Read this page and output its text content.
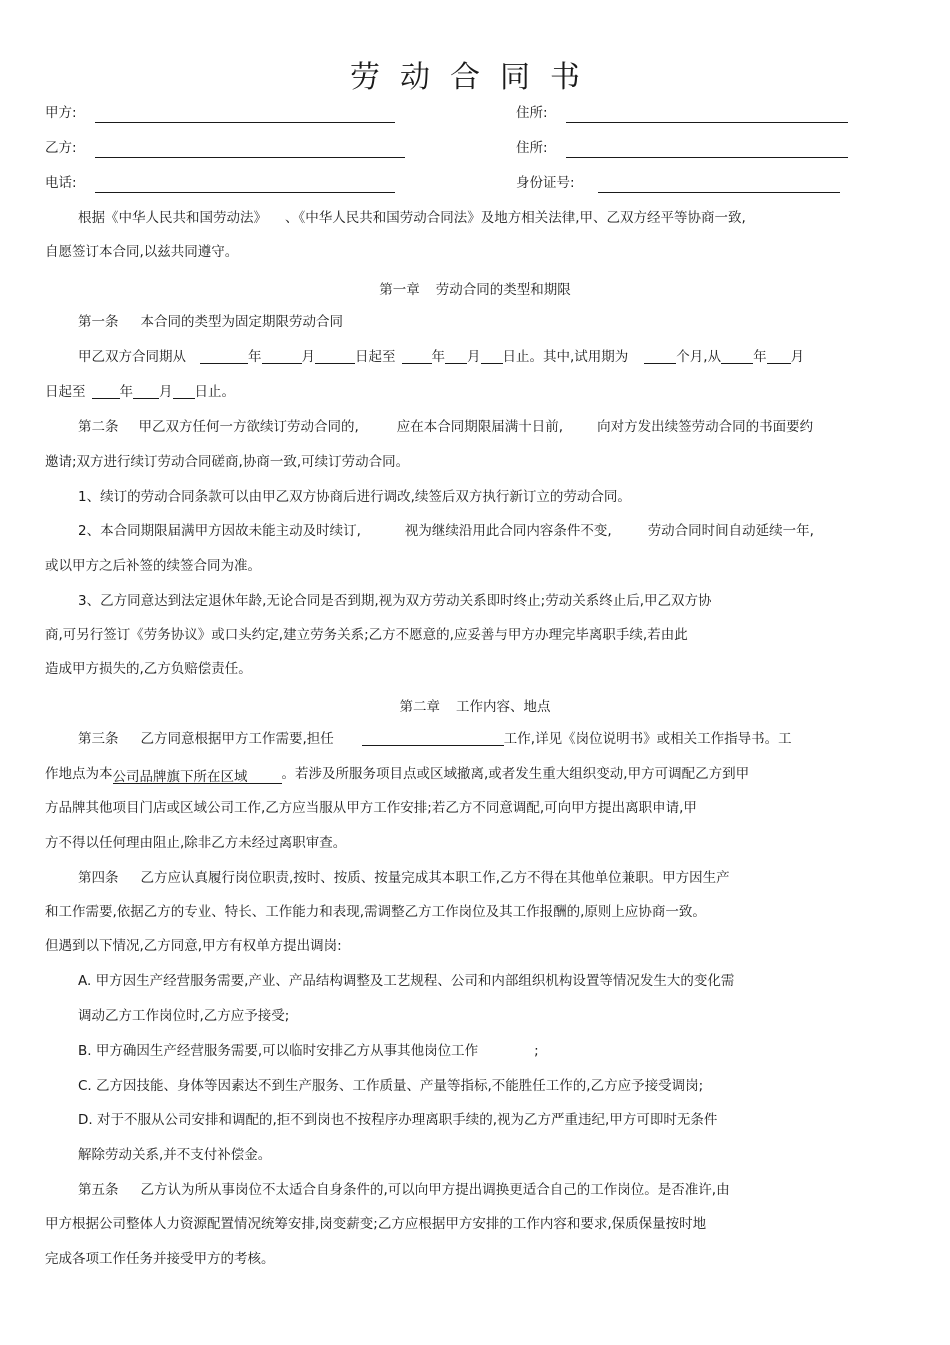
劳动合同书
甲方:	住所:
乙方:	住所:
电话:	身份证号:
根据《中华人民共和国劳动法》 、《中华人民共和国劳动合同法》及地方相关法律,甲、乙双方经平等协商一致,
自愿签订本合同,以兹共同遵守。
第一章 劳动合同的类型和期限
第一条 本合同的类型为固定期限劳动合同
甲乙双方合同期从	年	月	日起至	年 月 日止。其中,试用期为	个月,从 年 月
日起至	年 月 日止。
第二条 甲乙双方任何一方欲续订劳动合同的,	应在本合同期限届满十日前,	向对方发出续签劳动合同的书面要约
邀请;双方进行续订劳动合同磋商,协商一致,可续订劳动合同。
1、续订的劳动合同条款可以由甲乙双方协商后进行调改,续签后双方执行新订立的劳动合同。
2、本合同期限届满甲方因故未能主动及时续订,	视为继续沿用此合同内容条件不变,	劳动合同时间自动延续一年,
或以甲方之后补签的续签合同为准。
3、乙方同意达到法定退休年龄,无论合同是否到期,视为双方劳动关系即时终止;劳动关系终止后,甲乙双方协
商,可另行签订《劳务协议》或口头约定,建立劳务关系;乙方不愿意的,应妥善与甲方办理完毕离职手续,若由此
造成甲方损失的,乙方负赔偿责任。
第二章 工作内容、地点
第三条 乙方同意根据甲方工作需要,担任	工作,详见《岗位说明书》或相关工作指导书。工
作地点为本公司品牌旗下所在区域	。若涉及所服务项目点或区域撤离,或者发生重大组织变动,甲方可调配乙方到甲
方品牌其他项目门店或区域公司工作,乙方应当服从甲方工作安排;若乙方不同意调配,可向甲方提出离职申请,甲
方不得以任何理由阻止,除非乙方未经过离职审查。
第四条 乙方应认真履行岗位职责,按时、按质、按量完成其本职工作,乙方不得在其他单位兼职。甲方因生产
和工作需要,依据乙方的专业、特长、工作能力和表现,需调整乙方工作岗位及其工作报酬的,原则上应协商一致。
但遇到以下情况,乙方同意,甲方有权单方提出调岗:
A. 甲方因生产经营服务需要,产业、产品结构调整及工艺规程、公司和内部组织机构设置等情况发生大的变化需
调动乙方工作岗位时,乙方应予接受;
B. 甲方确因生产经营服务需要,可以临时安排乙方从事其他岗位工作	;
C. 乙方因技能、身体等因素达不到生产服务、工作质量、产量等指标,不能胜任工作的,乙方应予接受调岗;
D. 对于不服从公司安排和调配的,拒不到岗也不按程序办理离职手续的,视为乙方严重违纪,甲方可即时无条件
解除劳动关系,并不支付补偿金。
第五条 乙方认为所从事岗位不太适合自身条件的,可以向甲方提出调换更适合自己的工作岗位。是否准许,由
甲方根据公司整体人力资源配置情况统筹安排,岗变薪变;乙方应根据甲方安排的工作内容和要求,保质保量按时地
完成各项工作任务并接受甲方的考核。
